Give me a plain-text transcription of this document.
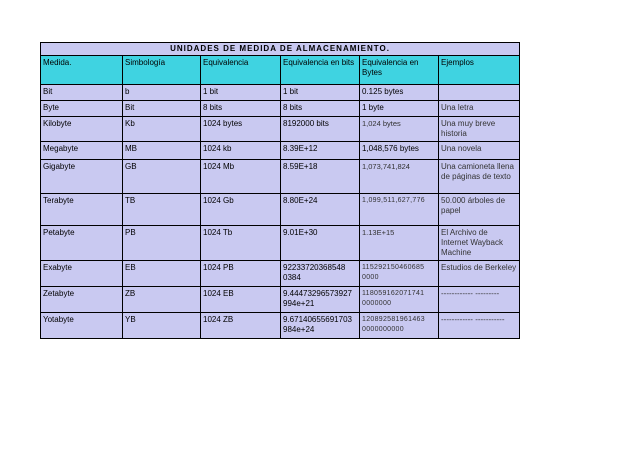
UNIDADES DE MEDIDA DE ALMACENAMIENTO.					
Medida.	Simbología	Equivalencia	Equivalencia en bits	Equivalencia en Bytes	Ejemplos
Bit	b	1 bit	1 bit	0.125 bytes	
Byte	Bit	8 bits	8 bits	1 byte	Una letra
Kilobyte	Kb	1024 bytes	8192000 bits	1,024 bytes	Una muy breve historia
Megabyte	MB	1024 kb	8.39E+12	1,048,576 bytes	Una novela
Gigabyte	GB	1024 Mb	8.59E+18	1,073,741,824	Una camioneta llena de páginas de texto
Terabyte	TB	1024 Gb	8.80E+24	1,099,511,627,776	50.000 árboles de papel
Petabyte	PB	1024 Tb	9.01E+30	1.13E+15	El Archivo de Internet Wayback Machine
Exabyte	EB	1024 PB	92233720368548 0384	115292150460685 0000	Estudios de Berkeley
Zetabyte	ZB	1024 EB	9.44473296573927 994e+21	118059162071741 0000000	------------ ---------
Yotabyte	YB	1024 ZB	9.67140655691703 984e+24	120892581961463 0000000000	------------ -----------
